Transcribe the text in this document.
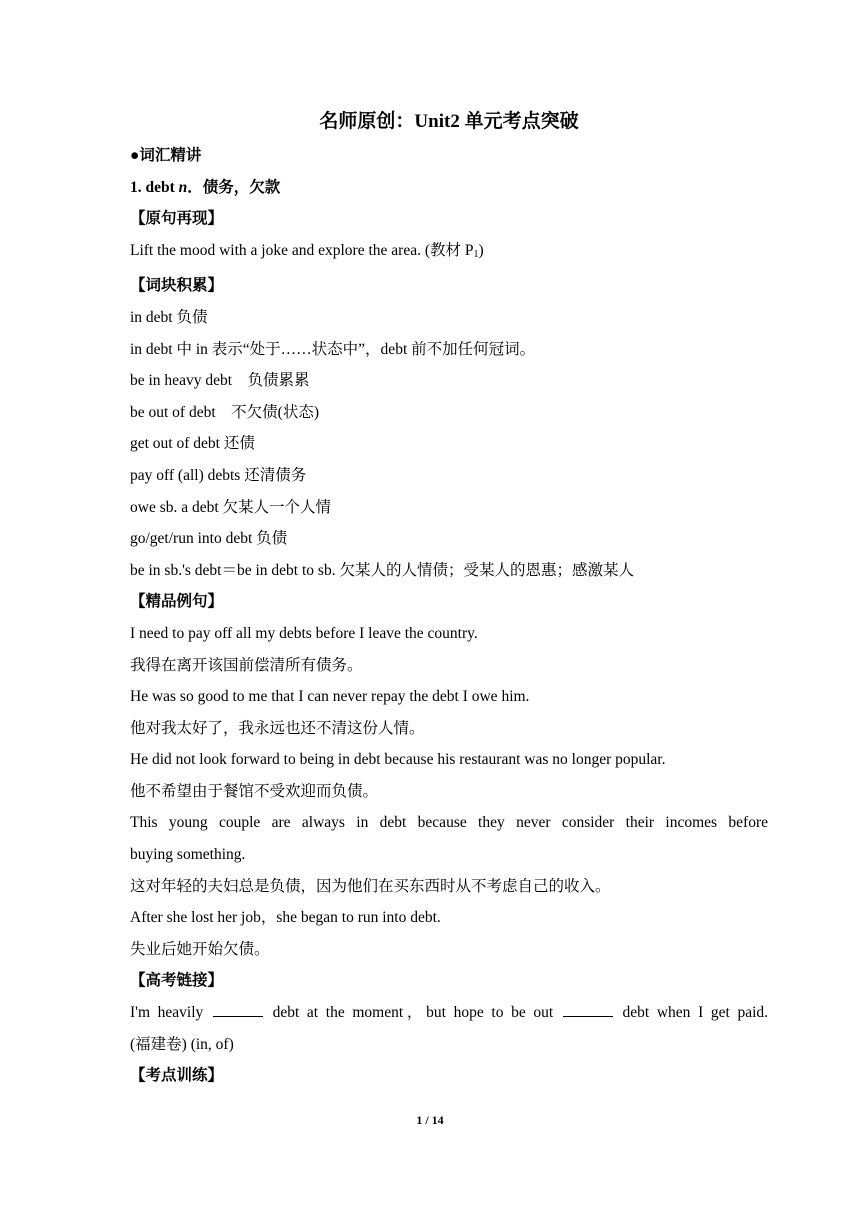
名师原创：Unit2 单元考点突破
●词汇精讲
1. debt n．债务，欠款
【原句再现】
Lift the mood with a joke and explore the area. (教材 $P_1$)
【词块积累】
in debt 负债
in debt 中 in 表示“处于……状态中”，debt 前不加任何冠词。
be in heavy debt　负债累累
be out of debt　不欠债(状态)
get out of debt 还债
pay off (all) debts 还清债务
owe sb. a debt 欠某人一个人情
go/get/run into debt 负债
be in sb.'s debt＝be in debt to sb. 欠某人的人情债；受某人的恩惠；感激某人
【精品例句】
I need to pay off all my debts before I leave the country.
我得在离开该国前偿清所有债务。
He was so good to me that I can never repay the debt I owe him.
他对我太好了，我永远也还不清这份人情。
He did not look forward to being in debt because his restaurant was no longer popular.
他不希望由于餐馆不受欢迎而负债。
This young couple are always in debt because they never consider their incomes before
buying something.
这对年轻的夫妇总是负债，因为他们在买东西时从不考虑自己的收入。
After she lost her job，she began to run into debt.
失业后她开始欠债。
【高考链接】
I'm heavily	debt at the moment，but hope to be out	debt when I get paid.
(福建卷) (in, of)
【考点训练】
1 / 14
